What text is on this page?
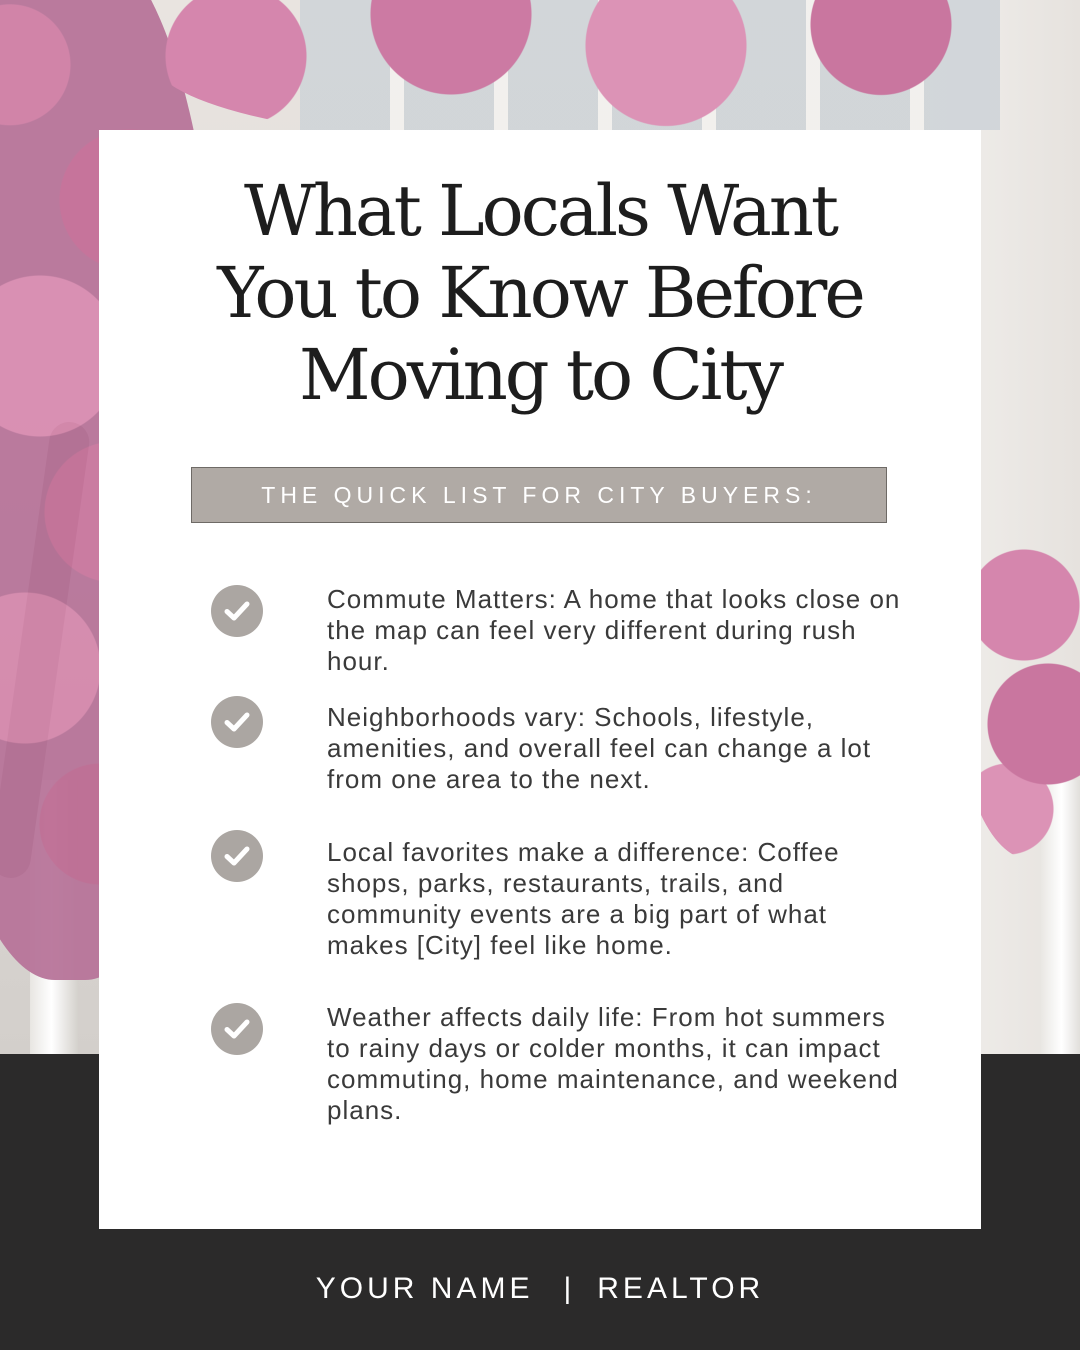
What Locals Want
You to Know Before
Moving to City
THE QUICK LIST FOR CITY BUYERS:

Commute Matters: A home that looks close on the map can feel very different during rush hour.

Neighborhoods vary: Schools, lifestyle, amenities, and overall feel can change a lot from one area to the next.

Local favorites make a difference: Coffee shops, parks, restaurants, trails, and community events are a big part of what makes [City] feel like home.

Weather affects daily life: From hot summers to rainy days or colder months, it can impact commuting, home maintenance, and weekend plans.

YOUR NAME | REALTOR
